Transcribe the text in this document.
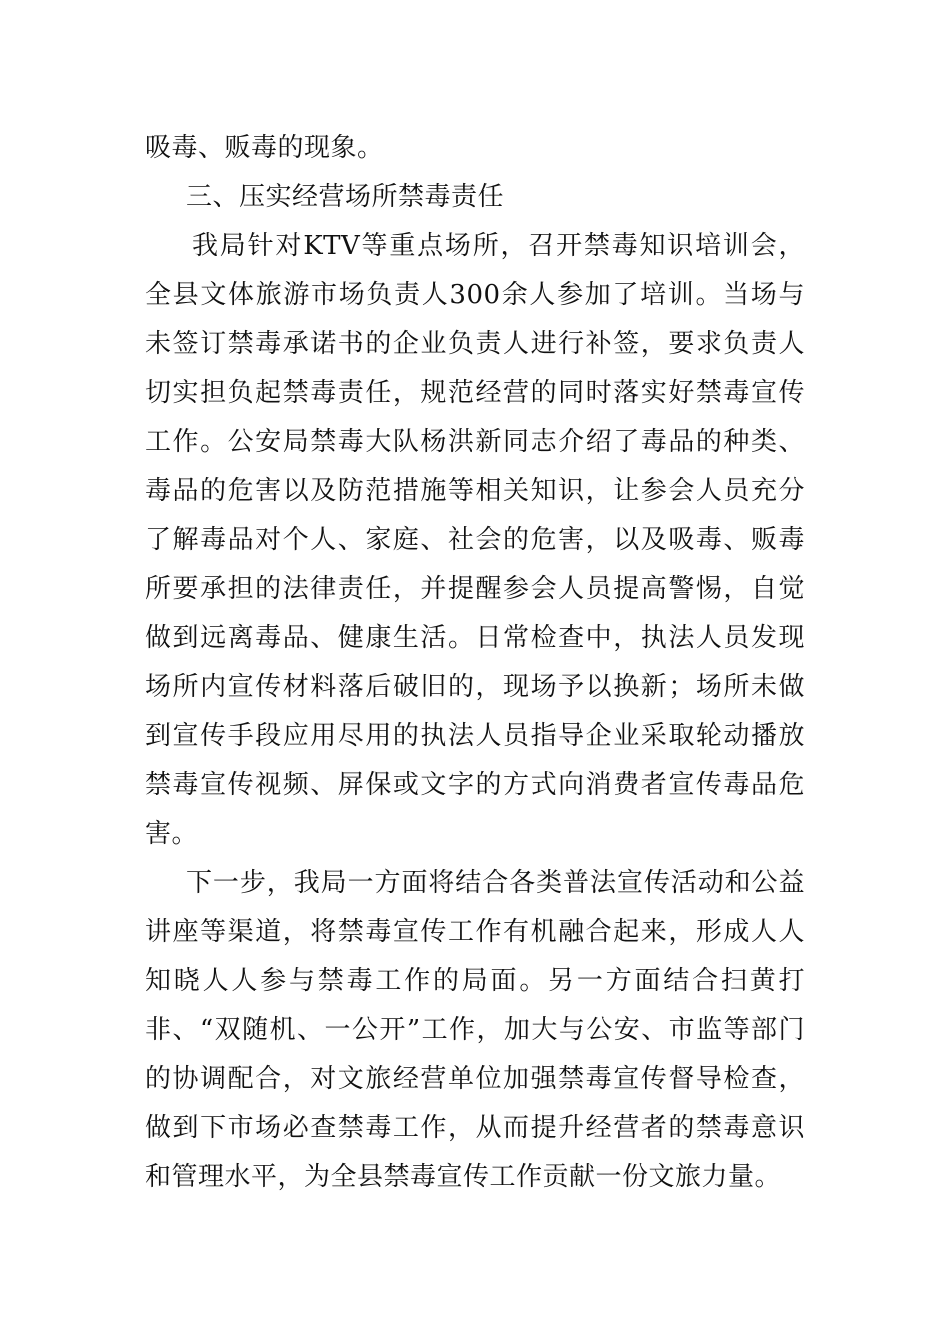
吸毒、贩毒的现象。

三、压实经营场所禁毒责任

我局针对KTV等重点场所，召开禁毒知识培训会，全县文体旅游市场负责人300余人参加了培训。当场与未签订禁毒承诺书的企业负责人进行补签，要求负责人切实担负起禁毒责任，规范经营的同时落实好禁毒宣传工作。公安局禁毒大队杨洪新同志介绍了毒品的种类、毒品的危害以及防范措施等相关知识，让参会人员充分了解毒品对个人、家庭、社会的危害，以及吸毒、贩毒所要承担的法律责任，并提醒参会人员提高警惕，自觉做到远离毒品、健康生活。日常检查中，执法人员发现场所内宣传材料落后破旧的，现场予以换新；场所未做到宣传手段应用尽用的执法人员指导企业采取轮动播放禁毒宣传视频、屏保或文字的方式向消费者宣传毒品危害。

下一步，我局一方面将结合各类普法宣传活动和公益讲座等渠道，将禁毒宣传工作有机融合起来，形成人人知晓人人参与禁毒工作的局面。另一方面结合扫黄打非、“双随机、一公开”工作，加大与公安、市监等部门的协调配合，对文旅经营单位加强禁毒宣传督导检查，做到下市场必查禁毒工作，从而提升经营者的禁毒意识和管理水平，为全县禁毒宣传工作贡献一份文旅力量。
